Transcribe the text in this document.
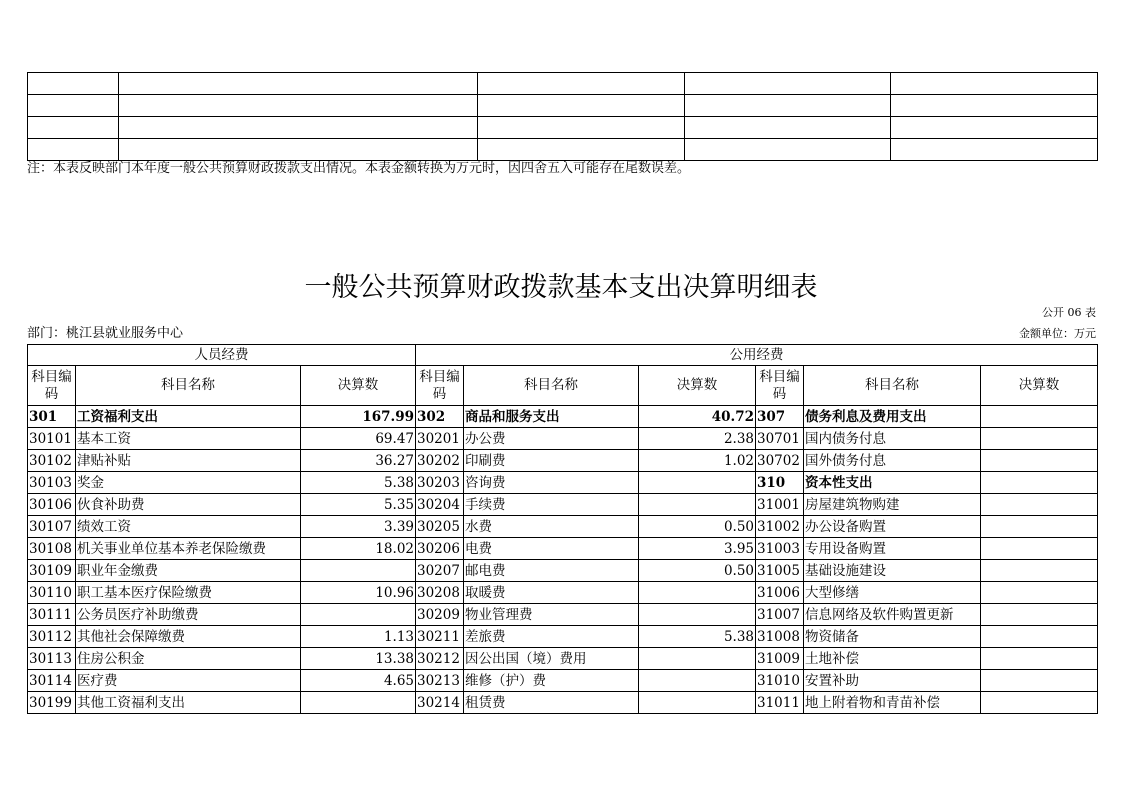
注：本表反映部门本年度一般公共预算财政拨款支出情况。本表金额转换为万元时，因四舍五入可能存在尾数误差。
一般公共预算财政拨款基本支出决算明细表
公开 06 表
部门：桃江县就业服务中心	金额单位：万元
人员经费			公用经费					
科目编码	科目名称	决算数	科目编码	科目名称	决算数	科目编码	科目名称	决算数
301	工资福利支出	167.99	302	商品和服务支出	40.72	307	债务利息及费用支出	
30101	基本工资	69.47	30201	办公费	2.38	30701	国内债务付息	
30102	津贴补贴	36.27	30202	印刷费	1.02	30702	国外债务付息	
30103	奖金	5.38	30203	咨询费		310	资本性支出	
30106	伙食补助费	5.35	30204	手续费		31001	房屋建筑物购建	
30107	绩效工资	3.39	30205	水费	0.50	31002	办公设备购置	
30108	机关事业单位基本养老保险缴费	18.02	30206	电费	3.95	31003	专用设备购置	
30109	职业年金缴费		30207	邮电费	0.50	31005	基础设施建设	
30110	职工基本医疗保险缴费	10.96	30208	取暖费		31006	大型修缮	
30111	公务员医疗补助缴费		30209	物业管理费		31007	信息网络及软件购置更新	
30112	其他社会保障缴费	1.13	30211	差旅费	5.38	31008	物资储备	
30113	住房公积金	13.38	30212	因公出国（境）费用		31009	土地补偿	
30114	医疗费	4.65	30213	维修（护）费		31010	安置补助	
30199	其他工资福利支出		30214	租赁费		31011	地上附着物和青苗补偿	
